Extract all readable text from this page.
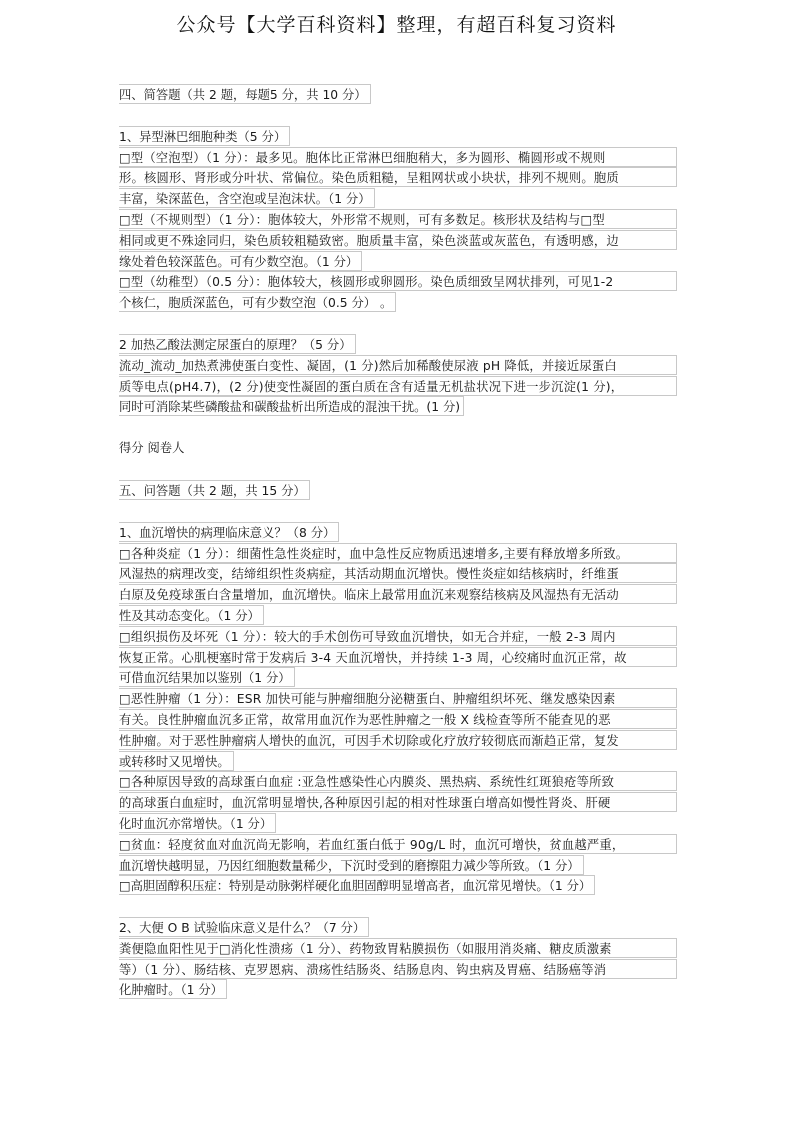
公众号【大学百科资料】整理，有超百科复习资料
四、简答题（共 2 题，每题5 分，共 10 分）
1、异型淋巴细胞种类（5 分）
□型（空泡型）（1 分）：最多见。胞体比正常淋巴细胞稍大，多为圆形、椭圆形或不规则
形。核圆形、肾形或分叶状、常偏位。染色质粗糙，呈粗网状或小块状，排列不规则。胞质
丰富，染深蓝色，含空泡或呈泡沫状。（1 分）
□型（不规则型）（1 分）：胞体较大，外形常不规则，可有多数足。核形状及结构与□型
相同或更不殊途同归，染色质较粗糙致密。胞质量丰富，染色淡蓝或灰蓝色，有透明感，边
缘处着色较深蓝色。可有少数空泡。（1 分）
□型（幼稚型）（0.5 分）：胞体较大，核圆形或卵圆形。染色质细致呈网状排列，可见1-2
个核仁，胞质深蓝色，可有少数空泡（0.5 分） 。
2 加热乙酸法测定尿蛋白的原理？（5 分）
流动_流动_加热煮沸使蛋白变性、凝固，(1 分)然后加稀酸使尿液 pH 降低，并接近尿蛋白
质等电点(pH4.7)，(2 分)使变性凝固的蛋白质在含有适量无机盐状况下进一步沉淀(1 分)，
同时可消除某些磷酸盐和碳酸盐析出所造成的混浊干扰。(1 分)
得分 阅卷人
五、问答题（共 2 题，共 15 分）
1、血沉增快的病理临床意义？（8 分）
□各种炎症（1 分）：细菌性急性炎症时，血中急性反应物质迅速增多,主要有释放增多所致。
风湿热的病理改变，结缔组织性炎病症，其活动期血沉增快。慢性炎症如结核病时，纤维蛋
白原及免疫球蛋白含量增加，血沉增快。临床上最常用血沉来观察结核病及风湿热有无活动
性及其动态变化。（1 分）
□组织损伤及坏死（1 分）：较大的手术创伤可导致血沉增快，如无合并症，一般 2-3 周内
恢复正常。心肌梗塞时常于发病后 3-4 天血沉增快，并持续 1-3 周，心绞痛时血沉正常，故
可借血沉结果加以鉴别（1 分）
□恶性肿瘤（1 分）：ESR 加快可能与肿瘤细胞分泌糖蛋白、肿瘤组织坏死、继发感染因素
有关。良性肿瘤血沉多正常，故常用血沉作为恶性肿瘤之一般 X 线检查等所不能查见的恶
性肿瘤。对于恶性肿瘤病人增快的血沉，可因手术切除或化疗放疗较彻底而渐趋正常，复发
或转移时又见增快。
□各种原因导致的高球蛋白血症 :亚急性感染性心内膜炎、黑热病、系统性红斑狼疮等所致
的高球蛋白血症时，血沉常明显增快,各种原因引起的相对性球蛋白增高如慢性肾炎、肝硬
化时血沉亦常增快。（1 分）
□贫血：轻度贫血对血沉尚无影响，若血红蛋白低于 90g/L 时，血沉可增快，贫血越严重，
血沉增快越明显，乃因红细胞数量稀少，下沉时受到的磨擦阻力减少等所致。（1 分）
□高胆固醇积压症：特别是动脉粥样硬化血胆固醇明显增高者，血沉常见增快。（1 分）
2、大便 O B 试验临床意义是什么？（7 分）
粪便隐血阳性见于□消化性溃疡（1 分）、药物致胃粘膜损伤（如服用消炎痛、糖皮质激素
等）（1 分）、肠结核、克罗恩病、溃疡性结肠炎、结肠息肉、钩虫病及胃癌、结肠癌等消
化肿瘤时。（1 分）
